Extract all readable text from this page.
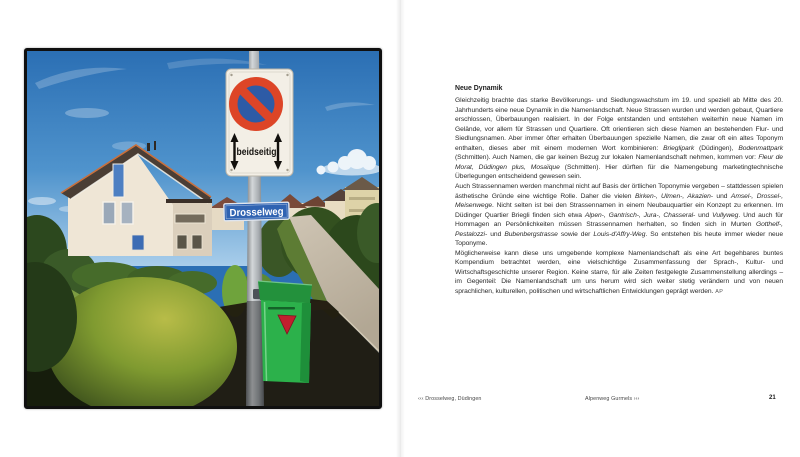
beidseitig
Drosselweg
Neue Dynamik

Gleichzeitig brachte das starke Bevölkerungs- und Siedlungswachstum im 19. und speziell ab Mitte des 20. Jahrhunderts eine neue Dynamik in die Namenlandschaft. Neue Strassen wurden und werden gebaut, Quartiere erschlossen, Überbauungen realisiert. In der Folge entstanden und entstehen weiterhin neue Namen im Gelände, vor allem für Strassen und Quartiere. Oft orientieren sich diese Namen an bestehenden Flur- und Siedlungsnamen. Aber immer öfter erhalten Überbauungen spezielle Namen, die zwar oft ein altes Toponym enthalten, dieses aber mit einem modernen Wort kombinieren: Brieglipark (Düdingen), Bodenmattpark (Schmitten). Auch Namen, die gar keinen Bezug zur lokalen Namenlandschaft nehmen, kommen vor: Fleur de Morat, Düdingen plus, Mosaïque (Schmitten). Hier dürften für die Namengebung marketingtechnische Überlegungen entscheidend gewesen sein.

Auch Strassennamen werden manchmal nicht auf Basis der örtlichen Toponymie vergeben – stattdessen spielen ästhetische Gründe eine wichtige Rolle. Daher die vielen Birken-, Ulmen-, Akazien- und Amsel-, Drossel-, Meisenwege. Nicht selten ist bei den Strassennamen in einem Neubauquartier ein Konzept zu erkennen. Im Düdinger Quartier Briegli finden sich etwa Alpen-, Gantrisch-, Jura-, Chasseral- und Vullyweg. Und auch für Hommagen an Persönlichkeiten müssen Strassennamen herhalten, so finden sich in Murten Gotthelf-, Pestalozzi- und Bubenbergstrasse sowie der Louis-d'Affry-Weg. So entstehen bis heute immer wieder neue Toponyme.

Möglicherweise kann diese uns umgebende komplexe Namenlandschaft als eine Art begehbares buntes Kompendium betrachtet werden, eine vielschichtige Zusammenfassung der Sprach-, Kultur- und Wirtschaftsgeschichte unserer Region. Keine starre, für alle Zeiten festgelegte Zusammenstellung allerdings – im Gegenteil: Die Namenlandschaft um uns herum wird sich weiter stetig verändern und von neuen sprachlichen, kulturellen, politischen und wirtschaftlichen Entwicklungen geprägt werden. AP

‹‹‹ Drosselweg, Düdingen	Alpenweg Gurmels ›››	21
